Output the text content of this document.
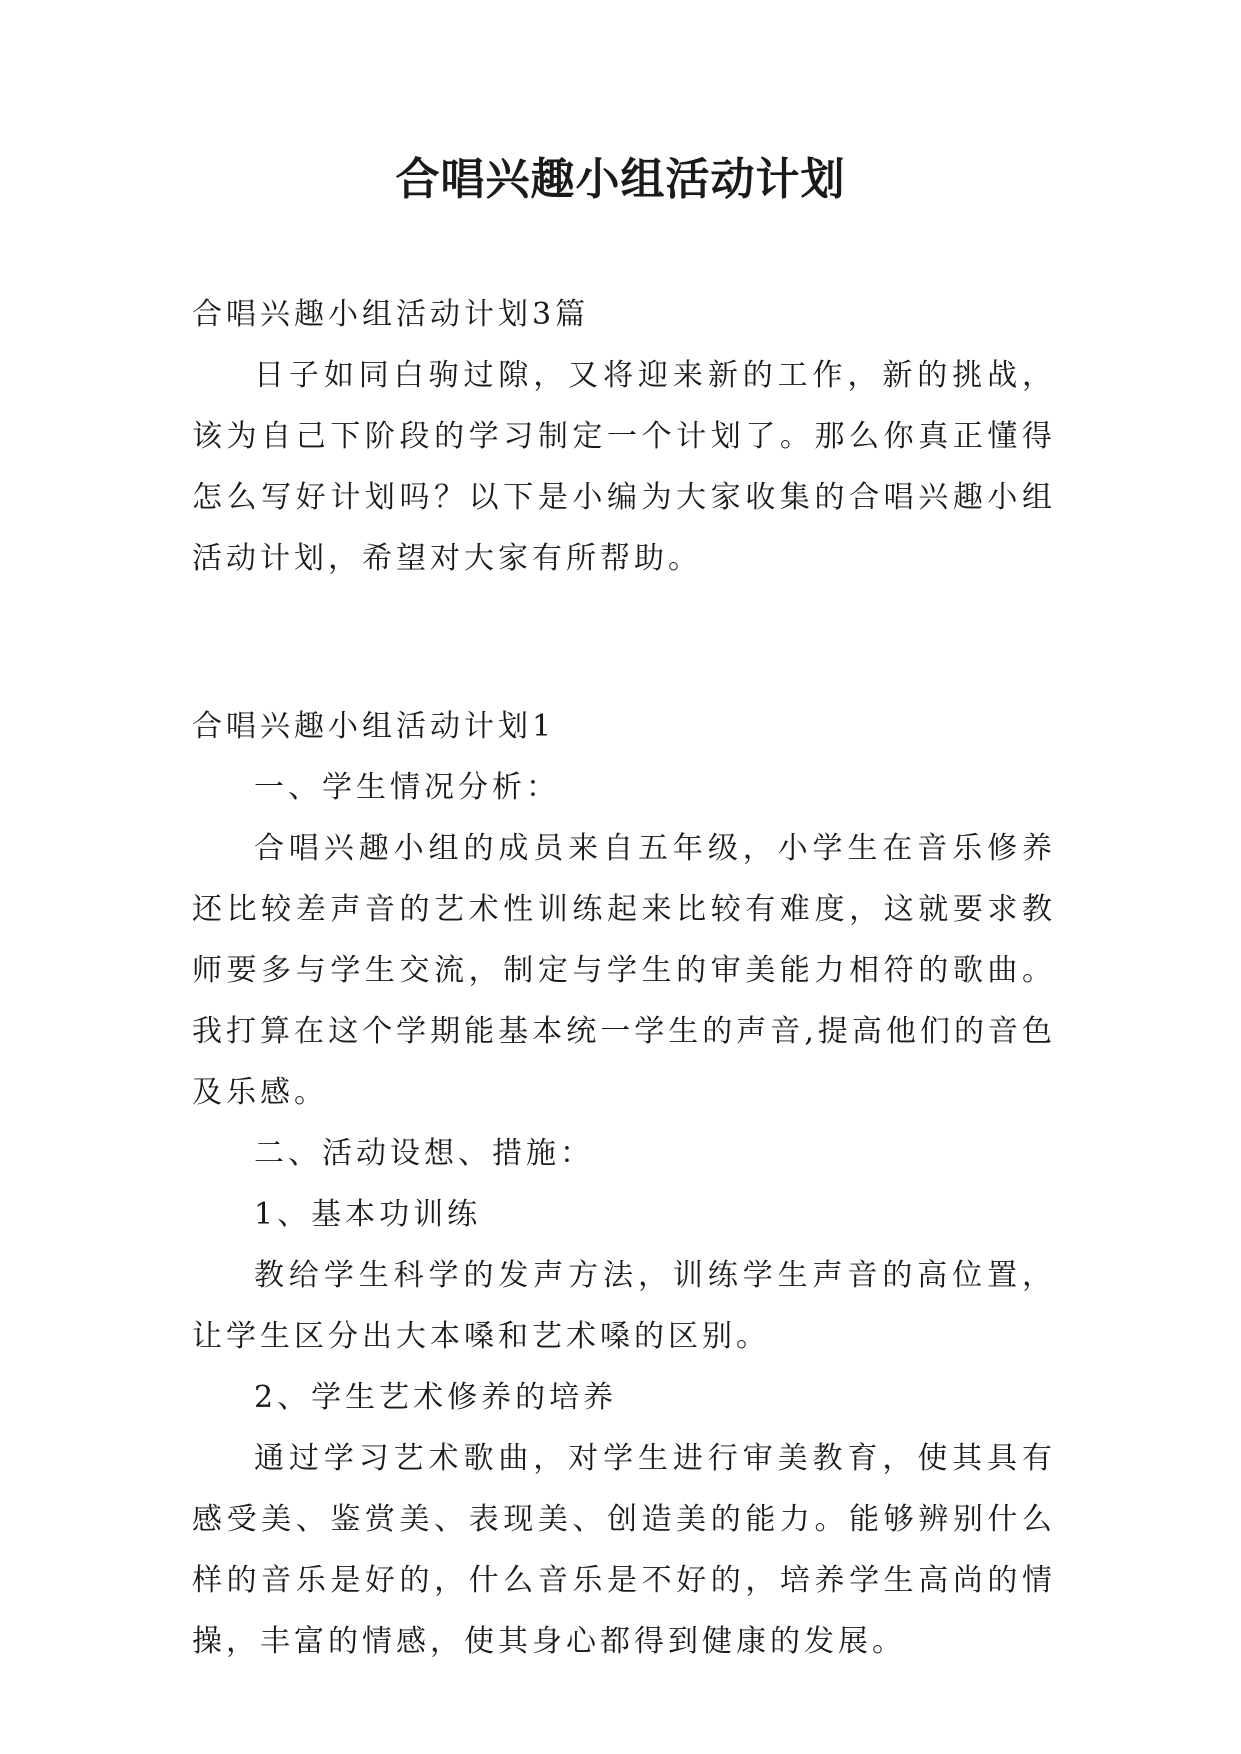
合唱兴趣小组活动计划

合唱兴趣小组活动计划3篇

日子如同白驹过隙，又将迎来新的工作，新的挑战，该为自己下阶段的学习制定一个计划了。那么你真正懂得怎么写好计划吗？以下是小编为大家收集的合唱兴趣小组活动计划，希望对大家有所帮助。

合唱兴趣小组活动计划1

一、学生情况分析：

合唱兴趣小组的成员来自五年级，小学生在音乐修养还比较差声音的艺术性训练起来比较有难度，这就要求教师要多与学生交流，制定与学生的审美能力相符的歌曲。我打算在这个学期能基本统一学生的声音,提高他们的音色及乐感。

二、活动设想、措施：

1、基本功训练

教给学生科学的发声方法，训练学生声音的高位置，让学生区分出大本嗓和艺术嗓的区别。

2、学生艺术修养的培养

通过学习艺术歌曲，对学生进行审美教育，使其具有感受美、鉴赏美、表现美、创造美的能力。能够辨别什么样的音乐是好的，什么音乐是不好的，培养学生高尚的情操，丰富的情感，使其身心都得到健康的发展。
